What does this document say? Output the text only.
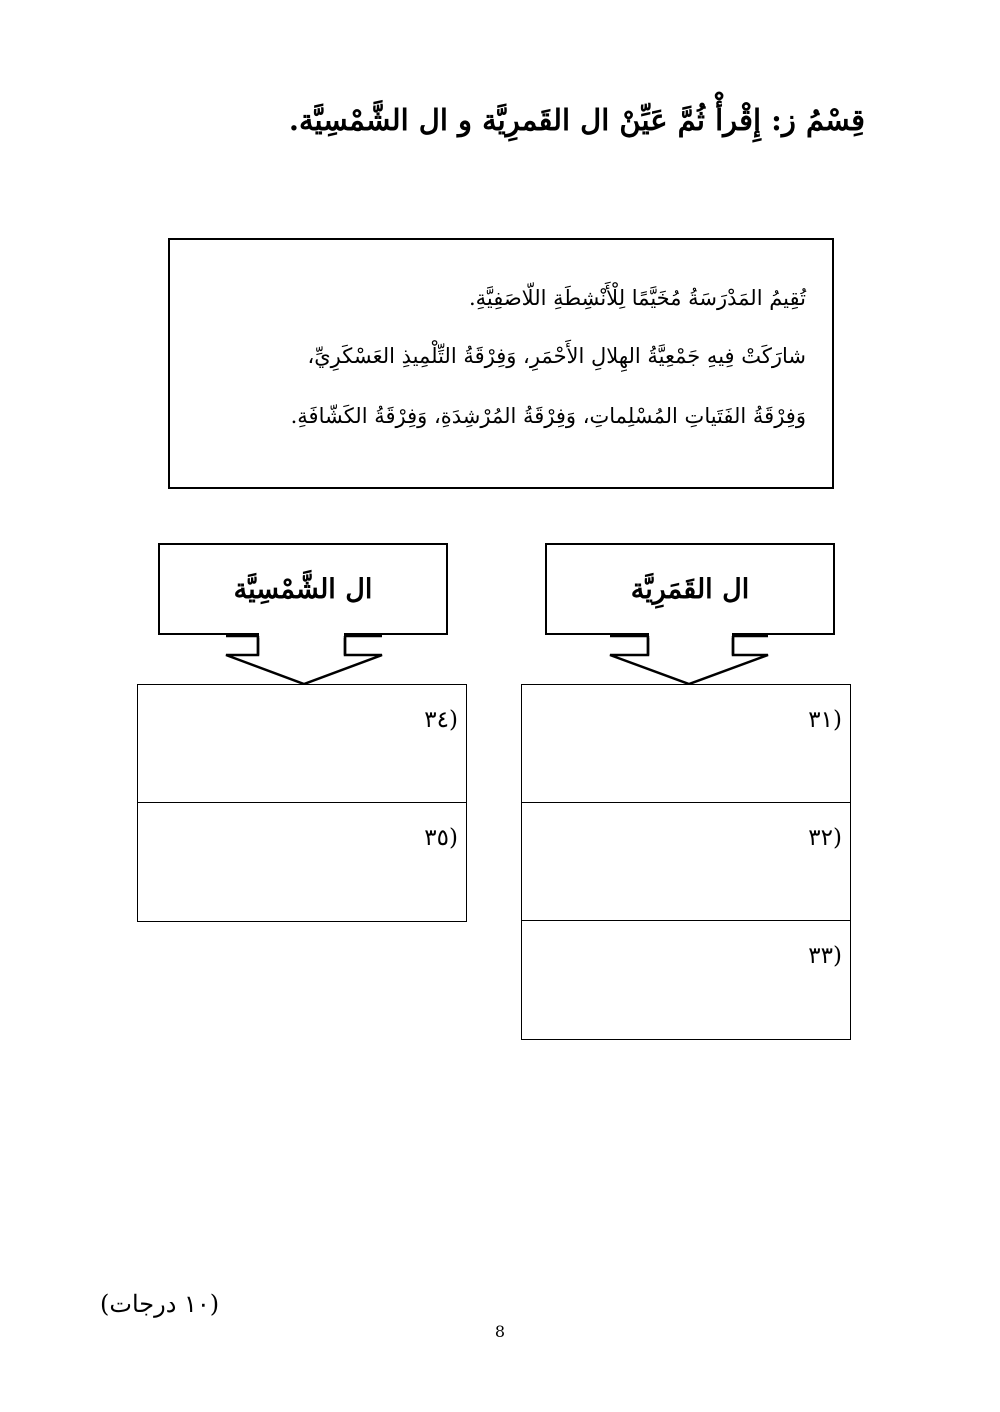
قِسْمُ ز: إِقْرأْ ثُمَّ عَيِّنْ ال القَمرِيَّة و ال الشَّمْسِيَّة.
تُقِيمُ المَدْرَسَةُ مُخَيَّمًا لِلْأَنْشِطَةِ اللّاصَفِيَّةِ.
شارَكَتْ فِيهِ جَمْعِيَّةُ الهِلالِ الأَحْمَرِ، وَفِرْقَةُ التِّلْمِيذِ العَسْكَرِيِّ،
وَفِرْقَةُ الفَتَياتِ المُسْلِماتِ، وَفِرْقَةُ المُرْشِدَةِ، وَفِرْقَةُ الكَشّافَةِ.
ال الشَّمْسِيَّة	ال القَمَرِيَّة
٣٤)
٣٥)
٣١)
٣٢)
٣٣)
(١٠ درجات)
8
